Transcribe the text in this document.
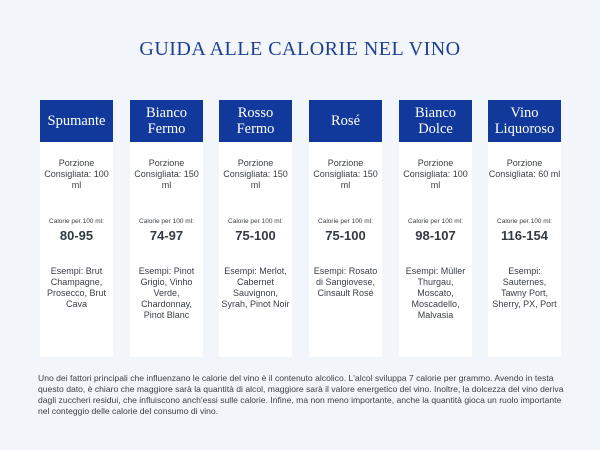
GUIDA ALLE CALORIE NEL VINO
Spumante
Porzione Consigliata: 100 ml
Calorie per 100 ml:
80-95
Esempi: Brut Champagne, Prosecco, Brut Cava
Bianco Fermo
Porzione Consigliata: 150 ml
Calorie per 100 ml:
74-97
Esempi: Pinot Grigio, Vinho Verde, Chardonnay, Pinot Blanc
Rosso Fermo
Porzione Consigliata: 150 ml
Calorie per 100 ml:
75-100
Esempi: Merlot, Cabernet Sauvignon, Syrah, Pinot Noir
Rosé
Porzione Consigliata: 150 ml
Calorie per 100 ml:
75-100
Esempi: Rosato di Sangiovese, Cinsault Rosé
Bianco Dolce
Porzione Consigliata: 100 ml
Calorie per 100 ml:
98-107
Esempi: Müller Thurgau, Moscato, Moscadello, Malvasia
Vino Liquoroso
Porzione Consigliata: 60 ml
Calorie per 100 ml:
116-154
Esempi: Sauternes, Tawny Port, Sherry, PX, Port

Uno dei fattori principali che influenzano le calorie del vino è il contenuto alcolico. L'alcol sviluppa 7 calorie per grammo. Avendo in testa questo dato, è chiaro che maggiore sarà la quantità di alcol, maggiore sarà il valore energetico del vino. Inoltre, la dolcezza del vino deriva dagli zuccheri residui, che influiscono anch'essi sulle calorie. Infine, ma non meno importante, anche la quantità gioca un ruolo importante nel conteggio delle calorie del consumo di vino.
